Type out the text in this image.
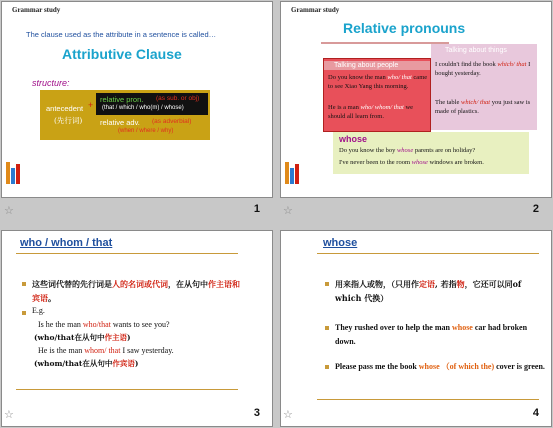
Grammar study
The clause used as the attribute in a sentence is called…
Attributive Clause
structure:
antecedent
(先行词)
+
relative pron. (as sub. or obj)
(that / which / who(m) / whose)
relative adv. (as adverbial)
(when / where / why)
☆	1
Grammar study
Relative pronouns
Talking about things
I couldn't find the book which/ that I bought yesterday.
The table which/ that you just saw is made of plastics.
Talking about people
Do you know the man who/ that came to see Xiao Yang this morning.
He is a man who/ whom/ that we should all learn from.
whose
Do you know the boy whose parents are on holiday?
I've never been to the room whose windows are broken.
☆	2
who / whom / that
这些词代替的先行词是人的名词或代词，在从句中作主语和宾语。
E.g.
Is he the man who/that wants to see you?
(who/that在从句中作主语)
He is the man whom/ that I saw yesterday.
(whom/that在从句中作宾语)
☆	3
whose
用来指人或物，（只用作定语, 若指物，它还可以同of which 代换）
They rushed over to help the man whose car had broken down.
Please pass me the book whose （of which the) cover is green.
☆	4
